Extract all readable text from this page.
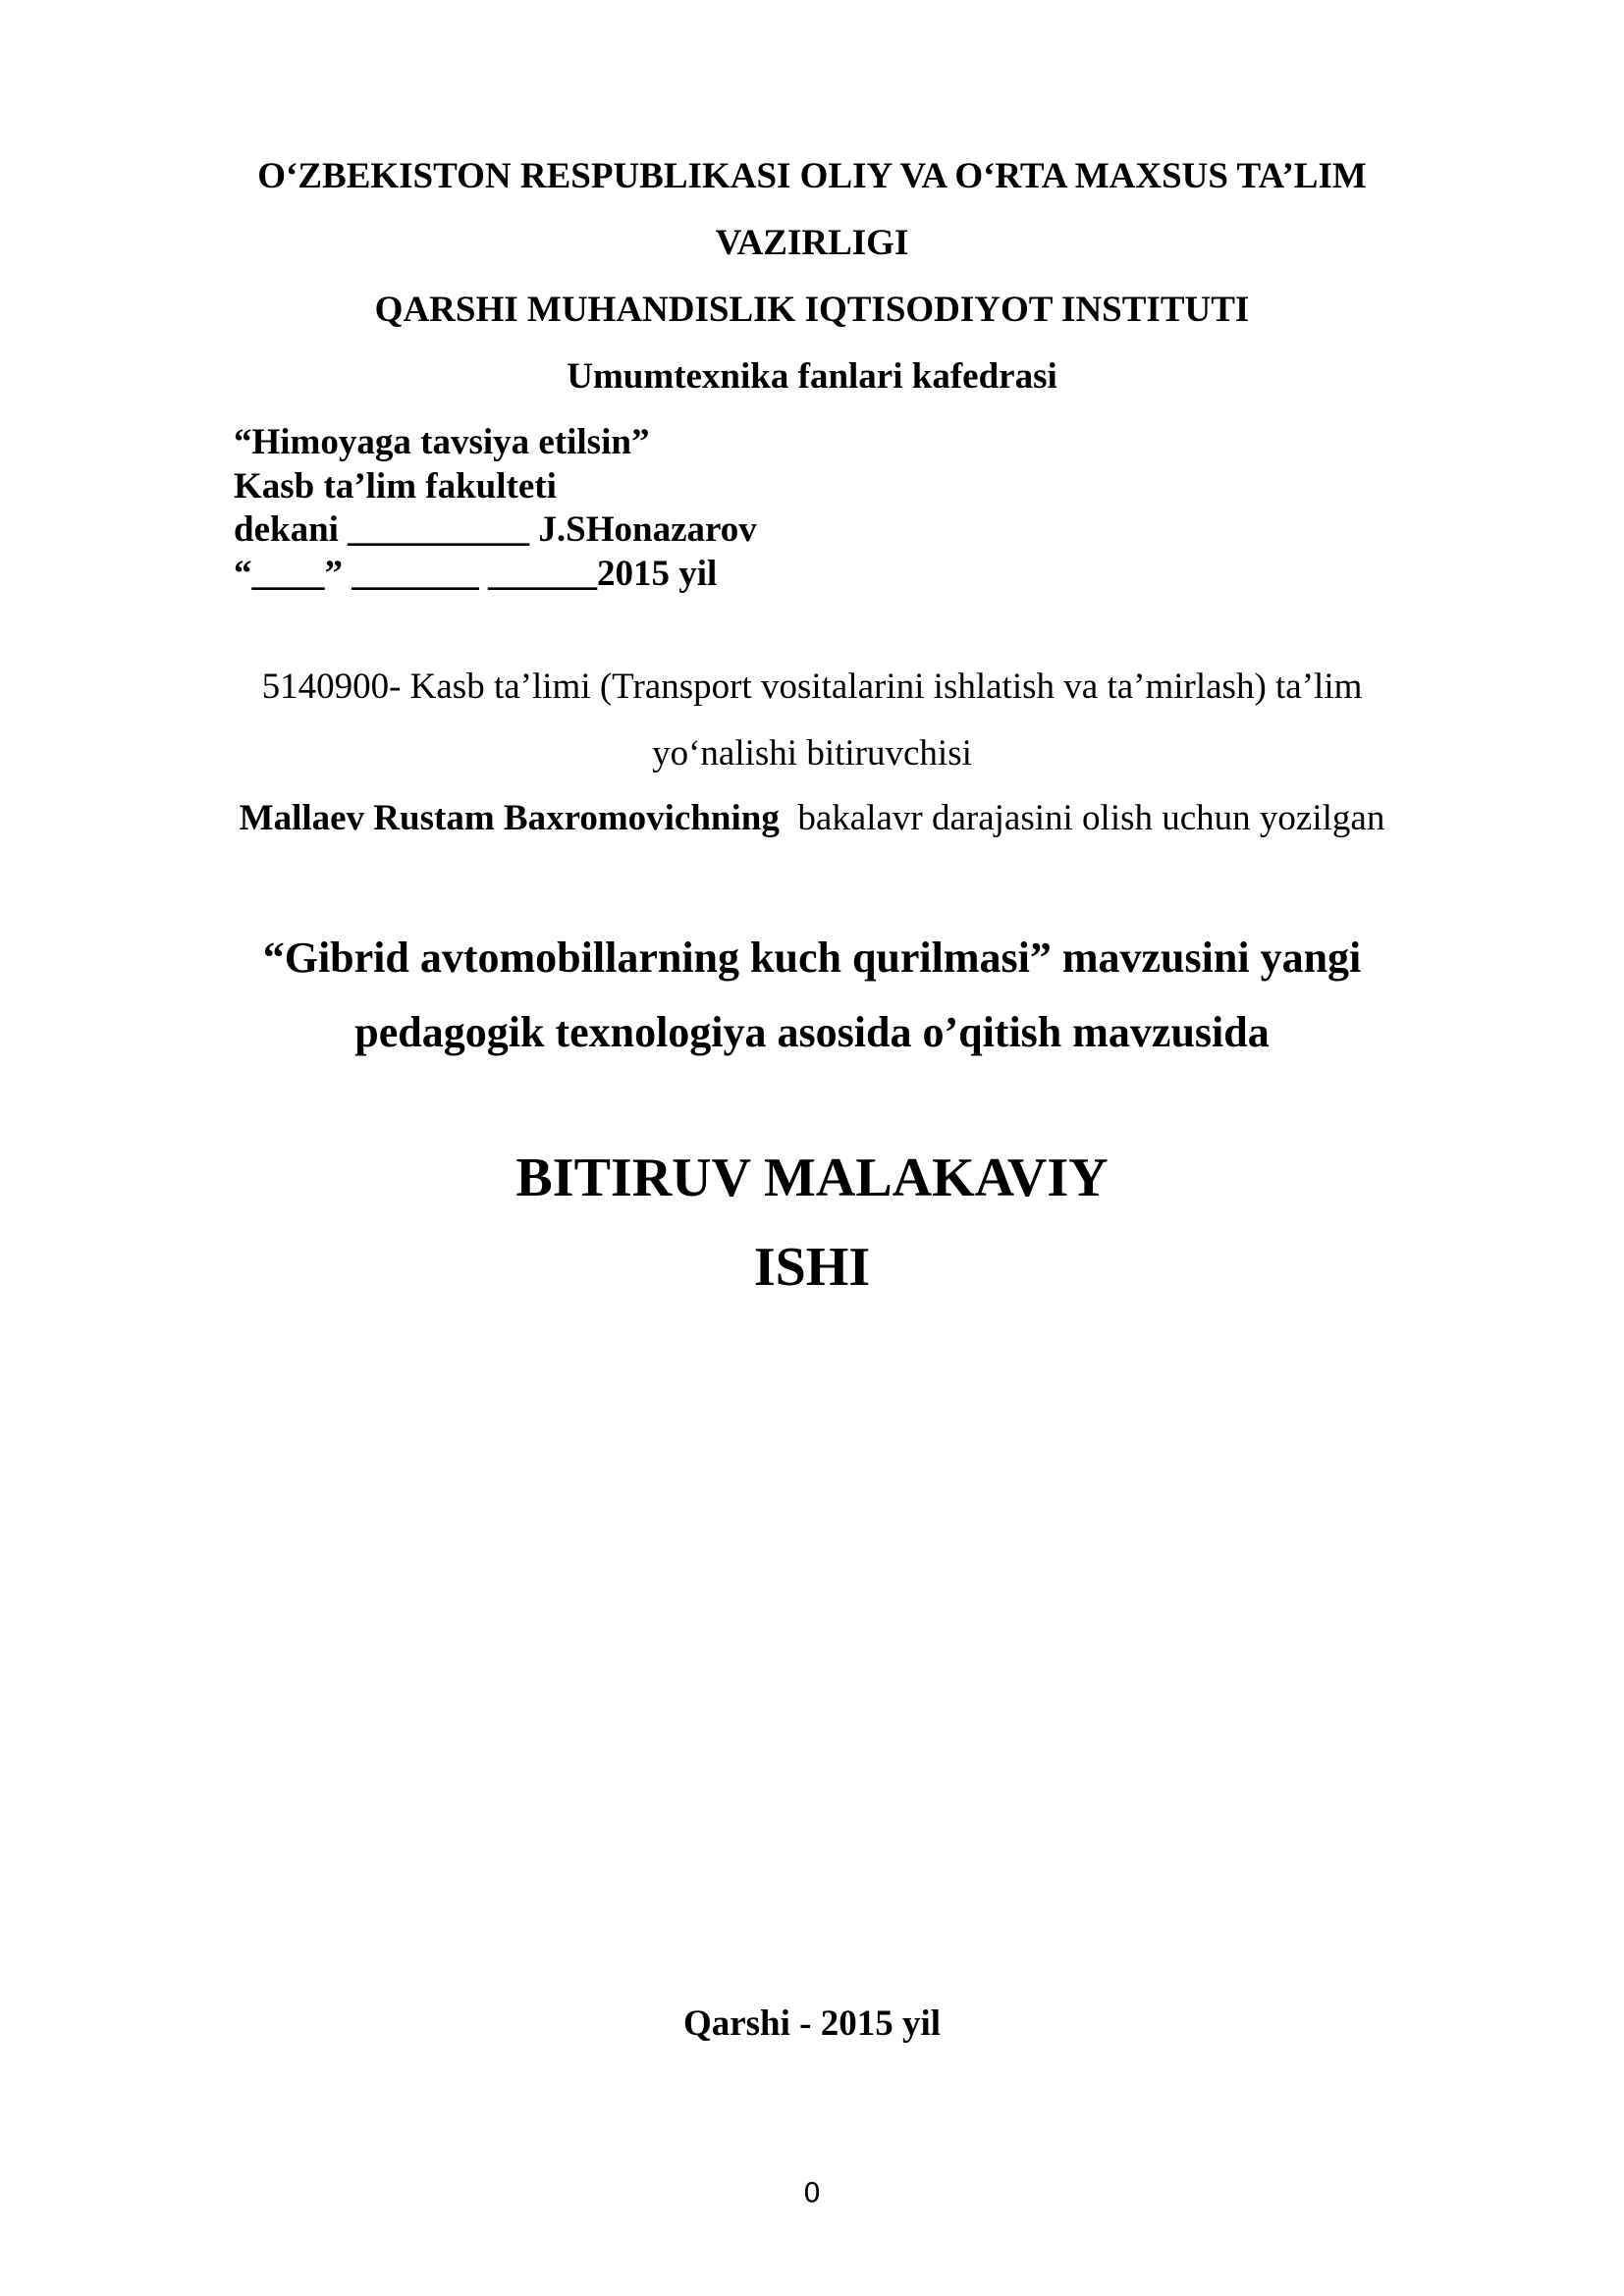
O‘ZBEKISTON RESPUBLIKASI OLIY VA O‘RTA MAXSUS TA’LIM
VAZIRLIGI
QARSHI MUHANDISLIK IQTISODIYOT INSTITUTI
Umumtexnika fanlari kafedrasi
“Himoyaga tavsiya etilsin”
Kasb ta’lim fakulteti
dekani __________ J.SHonazarov
“____” _______ ______2015 yil
5140900- Kasb ta’limi (Transport vositalarini ishlatish va ta’mirlash) ta’lim
yo‘nalishi bitiruvchisi
Mallaev Rustam Baxromovichning  bakalavr darajasini olish uchun yozilgan
“Gibrid avtomobillarning kuch qurilmasi” mavzusini yangi
pedagogik texnologiya asosida o’qitish mavzusida
BITIRUV MALAKAVIY
ISHI
Qarshi - 2015 yil
0
